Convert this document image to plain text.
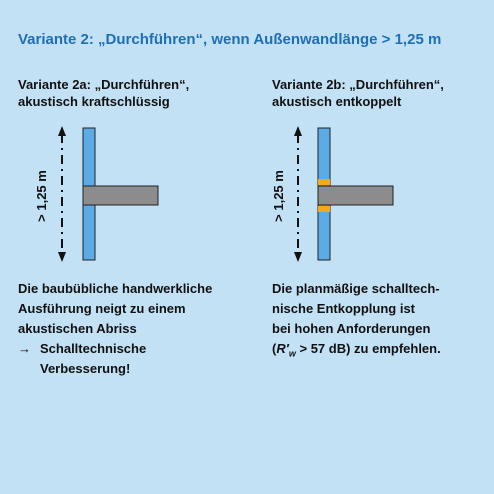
Variante 2: „Durchführen“, wenn Außenwandlänge > 1,25 m
Variante 2a: „Durchführen“,
akustisch kraftschlüssig
Variante 2b: „Durchführen“,
akustisch entkoppelt
> 1,25 m	> 1,25 m
Die baubübliche handwerkliche
Ausführung neigt zu einem
akustischen Abriss
→ Schalltechnische
Verbesserung!
Die planmäßige schalltech-
nische Entkopplung ist
bei hohen Anforderungen
($R'_w > 57$ dB) zu empfehlen.
